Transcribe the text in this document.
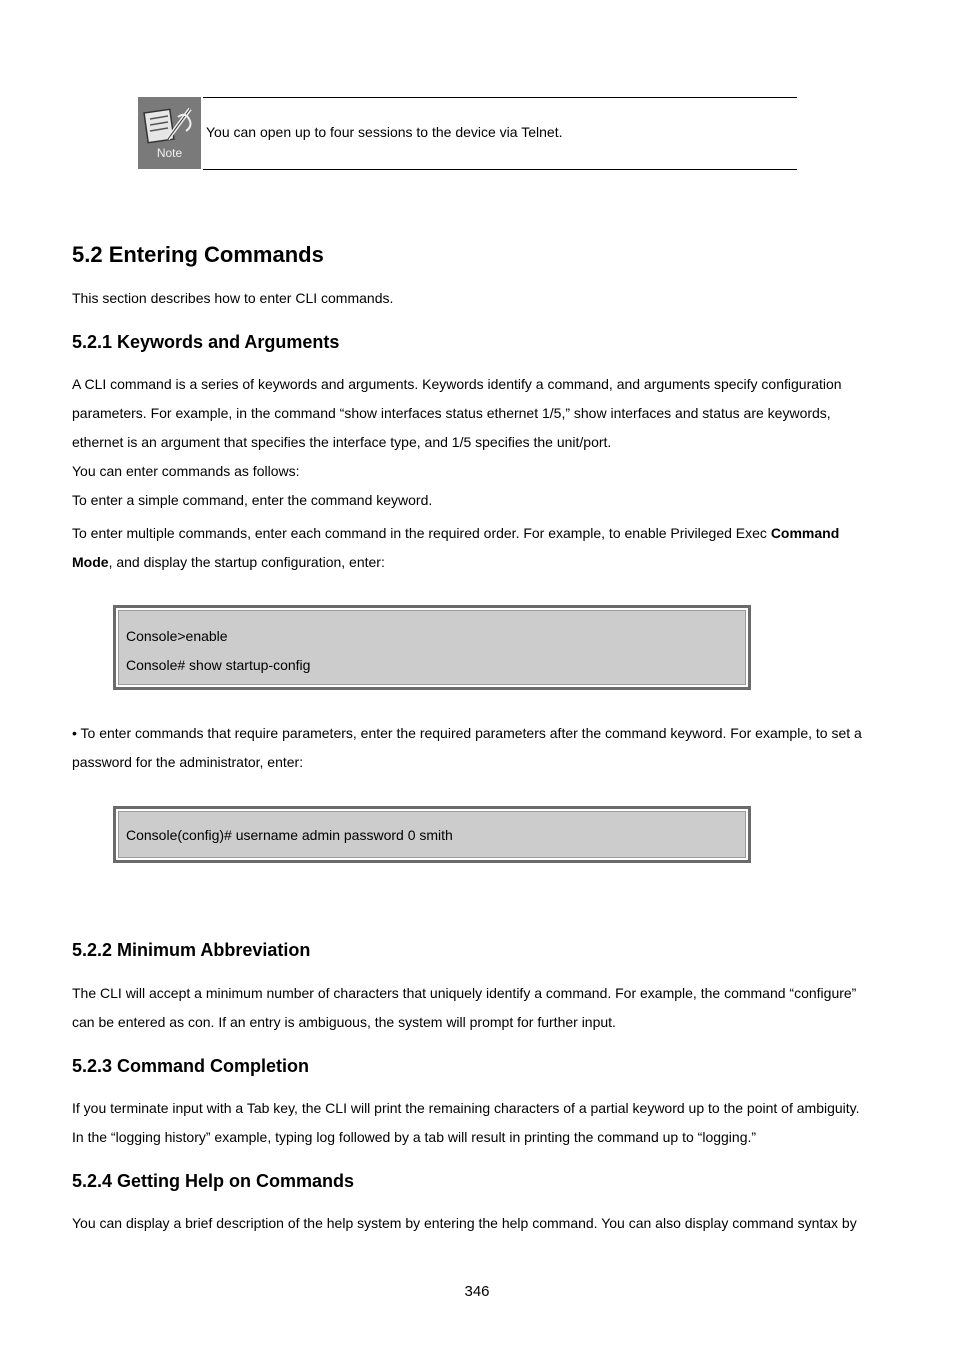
Note
You can open up to four sessions to the device via Telnet.
5.2 Entering Commands

This section describes how to enter CLI commands.

5.2.1 Keywords and Arguments

A CLI command is a series of keywords and arguments. Keywords identify a command, and arguments specify configuration

parameters. For example, in the command “show interfaces status ethernet 1/5,” show interfaces and status are keywords,

ethernet is an argument that specifies the interface type, and 1/5 specifies the unit/port.

You can enter commands as follows:

To enter a simple command, enter the command keyword.

To enter multiple commands, enter each command in the required order. For example, to enable Privileged Exec Command

Mode, and display the startup configuration, enter:

Console>enable
Console# show startup-config

• To enter commands that require parameters, enter the required parameters after the command keyword. For example, to set a

password for the administrator, enter:

Console(config)# username admin password 0 smith
5.2.2 Minimum Abbreviation

The CLI will accept a minimum number of characters that uniquely identify a command. For example, the command “configure”

can be entered as con. If an entry is ambiguous, the system will prompt for further input.

5.2.3 Command Completion

If you terminate input with a Tab key, the CLI will print the remaining characters of a partial keyword up to the point of ambiguity.

In the “logging history” example, typing log followed by a tab will result in printing the command up to “logging.”

5.2.4 Getting Help on Commands

You can display a brief description of the help system by entering the help command. You can also display command syntax by

346
